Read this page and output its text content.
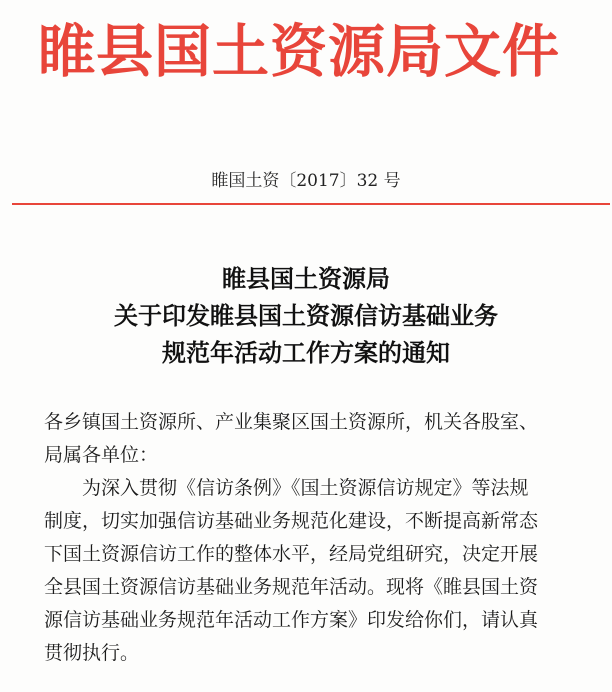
睢县国土资源局文件
睢国土资〔2017〕32 号
睢县国土资源局
关于印发睢县国土资源信访基础业务
规范年活动工作方案的通知
各乡镇国土资源所、产业集聚区国土资源所，机关各股室、
局属各单位：
为深入贯彻《信访条例》《国土资源信访规定》等法规
制度，切实加强信访基础业务规范化建设，不断提高新常态
下国土资源信访工作的整体水平，经局党组研究，决定开展
全县国土资源信访基础业务规范年活动。现将《睢县国土资
源信访基础业务规范年活动工作方案》印发给你们，请认真
贯彻执行。
